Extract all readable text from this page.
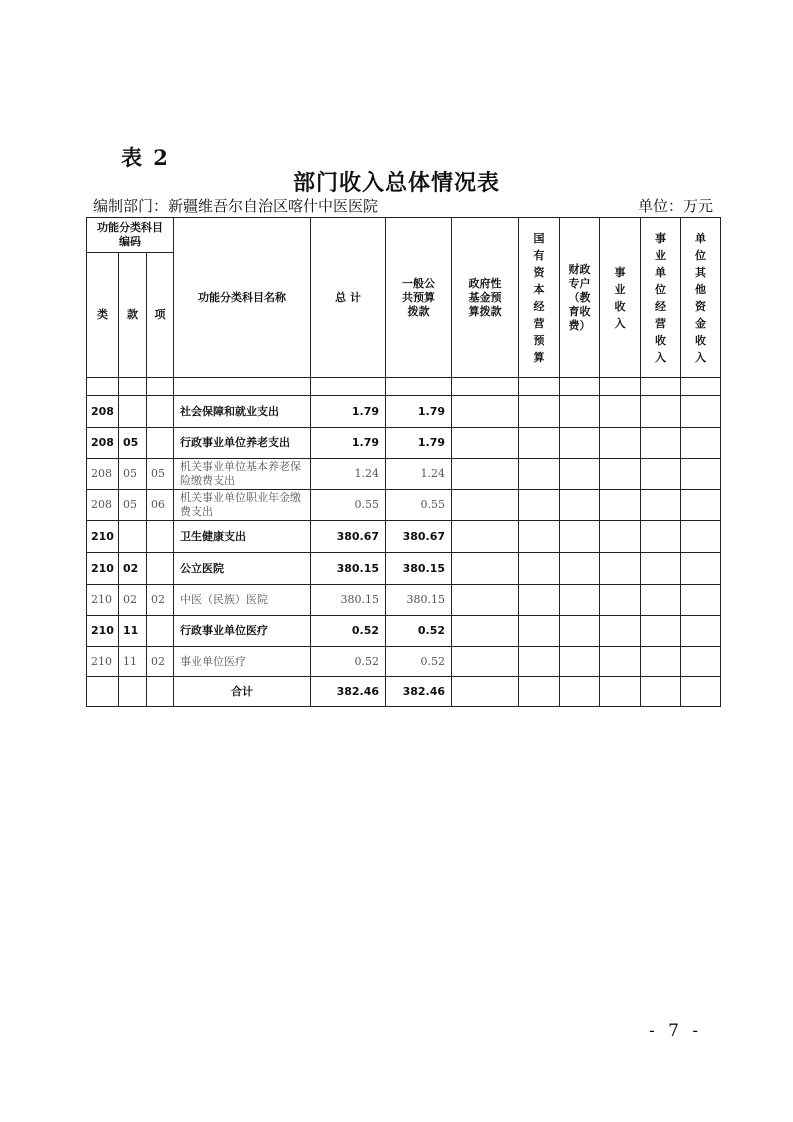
表 2
部门收入总体情况表
编制部门：新疆维吾尔自治区喀什中医医院	单位：万元
功能分类科目编码			功能分类科目名称	总 计	一般公共预算拨款	政府性基金预算拨款	国有资本经营预算	财政专户（教育收费）	事业收入	事业单位经营收入	单位其他资金收入
类	款	项									

208			社会保障和就业支出	1.79	1.79						
208	05		行政事业单位养老支出	1.79	1.79						
208	05	05	机关事业单位基本养老保险缴费支出	1.24	1.24						
208	05	06	机关事业单位职业年金缴费支出	0.55	0.55						
210			卫生健康支出	380.67	380.67						
210	02		公立医院	380.15	380.15						
210	02	02	中医（民族）医院	380.15	380.15						
210	11		行政事业单位医疗	0.52	0.52						
210	11	02	事业单位医疗	0.52	0.52						
			合计	382.46	382.46						
- 7 -
